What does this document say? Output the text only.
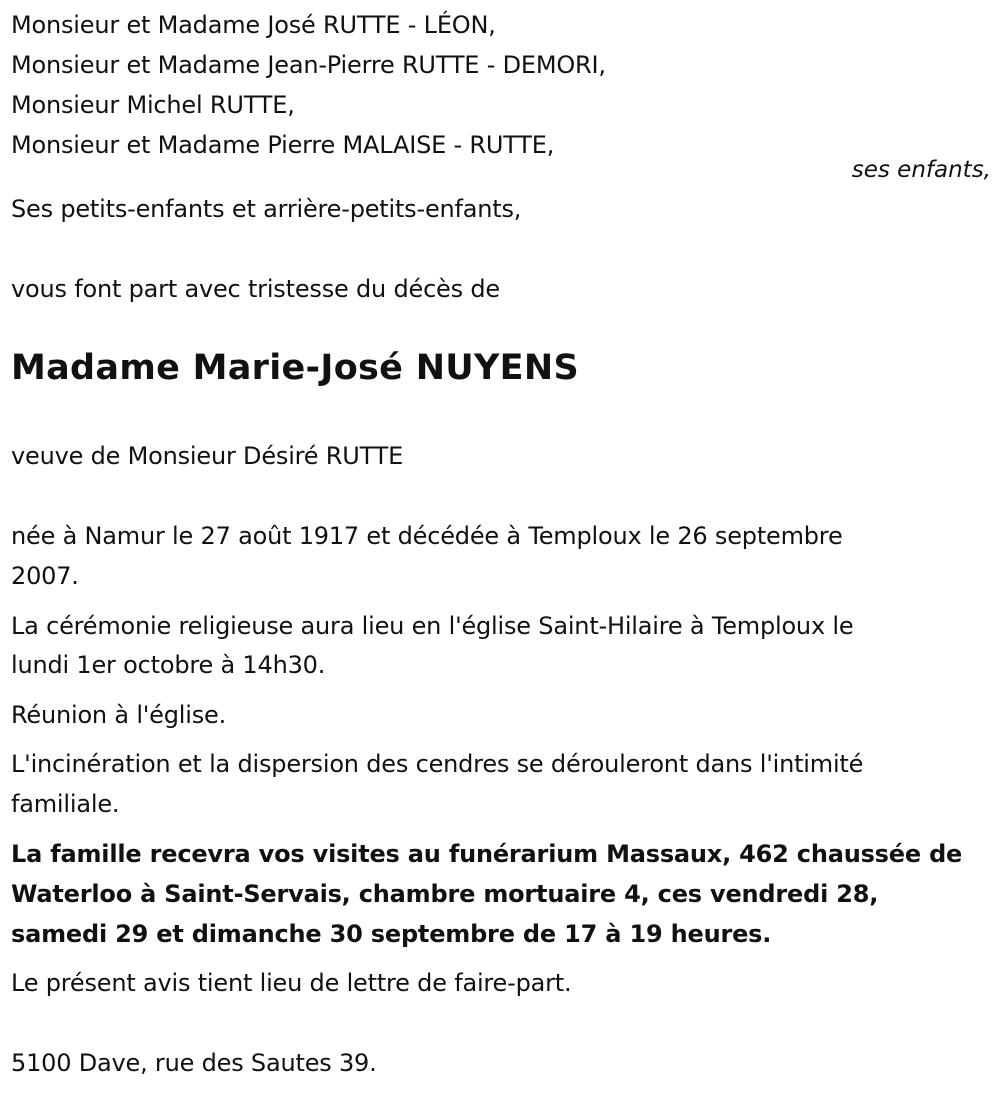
Monsieur et Madame José RUTTE - LÉON,
Monsieur et Madame Jean-Pierre RUTTE - DEMORI,
Monsieur Michel RUTTE,
Monsieur et Madame Pierre MALAISE - RUTTE,
ses enfants,
Ses petits-enfants et arrière-petits-enfants,
vous font part avec tristesse du décès de
Madame Marie-José NUYENS
veuve de Monsieur Désiré RUTTE
née à Namur le 27 août 1917 et décédée à Temploux le 26 septembre
2007.
La cérémonie religieuse aura lieu en l'église Saint-Hilaire à Temploux le
lundi 1er octobre à 14h30.
Réunion à l'église.
L'incinération et la dispersion des cendres se dérouleront dans l'intimité
familiale.
La famille recevra vos visites au funérarium Massaux, 462 chaussée de
Waterloo à Saint-Servais, chambre mortuaire 4, ces vendredi 28,
samedi 29 et dimanche 30 septembre de 17 à 19 heures.
Le présent avis tient lieu de lettre de faire-part.
5100 Dave, rue des Sautes 39.
